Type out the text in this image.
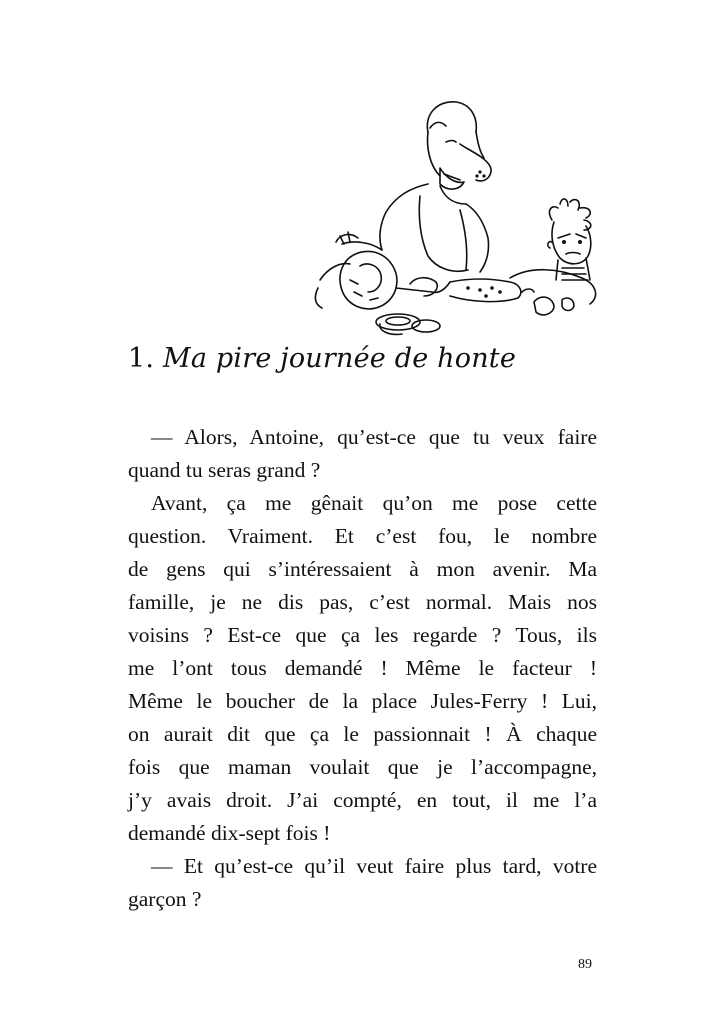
1. Ma pire journée de honte
— Alors, Antoine, qu’est-ce que tu veux faire
quand tu seras grand ?
Avant, ça me gênait qu’on me pose cette
question. Vraiment. Et c’est fou, le nombre
de gens qui s’intéressaient à mon avenir. Ma
famille, je ne dis pas, c’est normal. Mais nos
voisins ? Est-ce que ça les regarde ? Tous, ils
me l’ont tous demandé ! Même le facteur !
Même le boucher de la place Jules-Ferry ! Lui,
on aurait dit que ça le passionnait ! À chaque
fois que maman voulait que je l’accompagne,
j’y avais droit. J’ai compté, en tout, il me l’a
demandé dix-sept fois !
— Et qu’est-ce qu’il veut faire plus tard, votre
garçon ?
89
